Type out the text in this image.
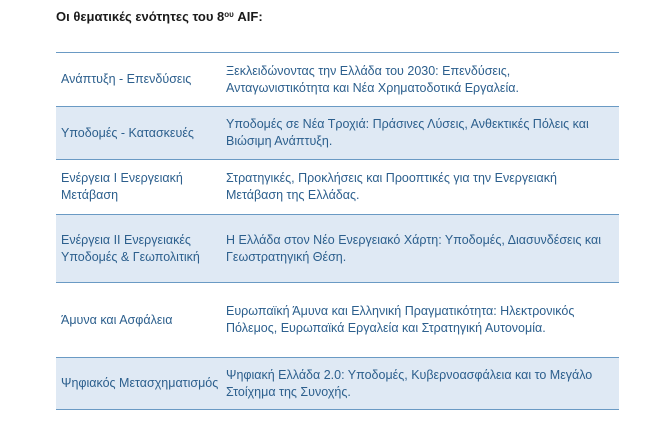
Οι θεματικές ενότητες του $8^{o\upsilon}$ AIF:
Ανάπτυξη - Επενδύσεις	Ξεκλειδώνοντας την Ελλάδα του 2030: Επενδύσεις, Ανταγωνιστικότητα και Νέα Χρηματοδοτικά Εργαλεία.
Υποδομές - Κατασκευές	Υποδομές σε Νέα Τροχιά: Πράσινες Λύσεις, Ανθεκτικές Πόλεις και Βιώσιμη Ανάπτυξη.
Ενέργεια Ι Ενεργειακή Μετάβαση	Στρατηγικές, Προκλήσεις και Προοπτικές για την Ενεργειακή Μετάβαση της Ελλάδας.
Ενέργεια ΙΙ Ενεργειακές Υποδομές & Γεωπολιτική	Η Ελλάδα στον Νέο Ενεργειακό Χάρτη: Υποδομές, Διασυνδέσεις και Γεωστρατηγική Θέση.
Άμυνα και Ασφάλεια	Ευρωπαϊκή Άμυνα και Ελληνική Πραγματικότητα: Ηλεκτρονικός Πόλεμος, Ευρωπαϊκά Εργαλεία και Στρατηγική Αυτονομία.
Ψηφιακός Μετασχηματισμός	Ψηφιακή Ελλάδα 2.0: Υποδομές, Κυβερνοασφάλεια και το Μεγάλο Στοίχημα της Συνοχής.
